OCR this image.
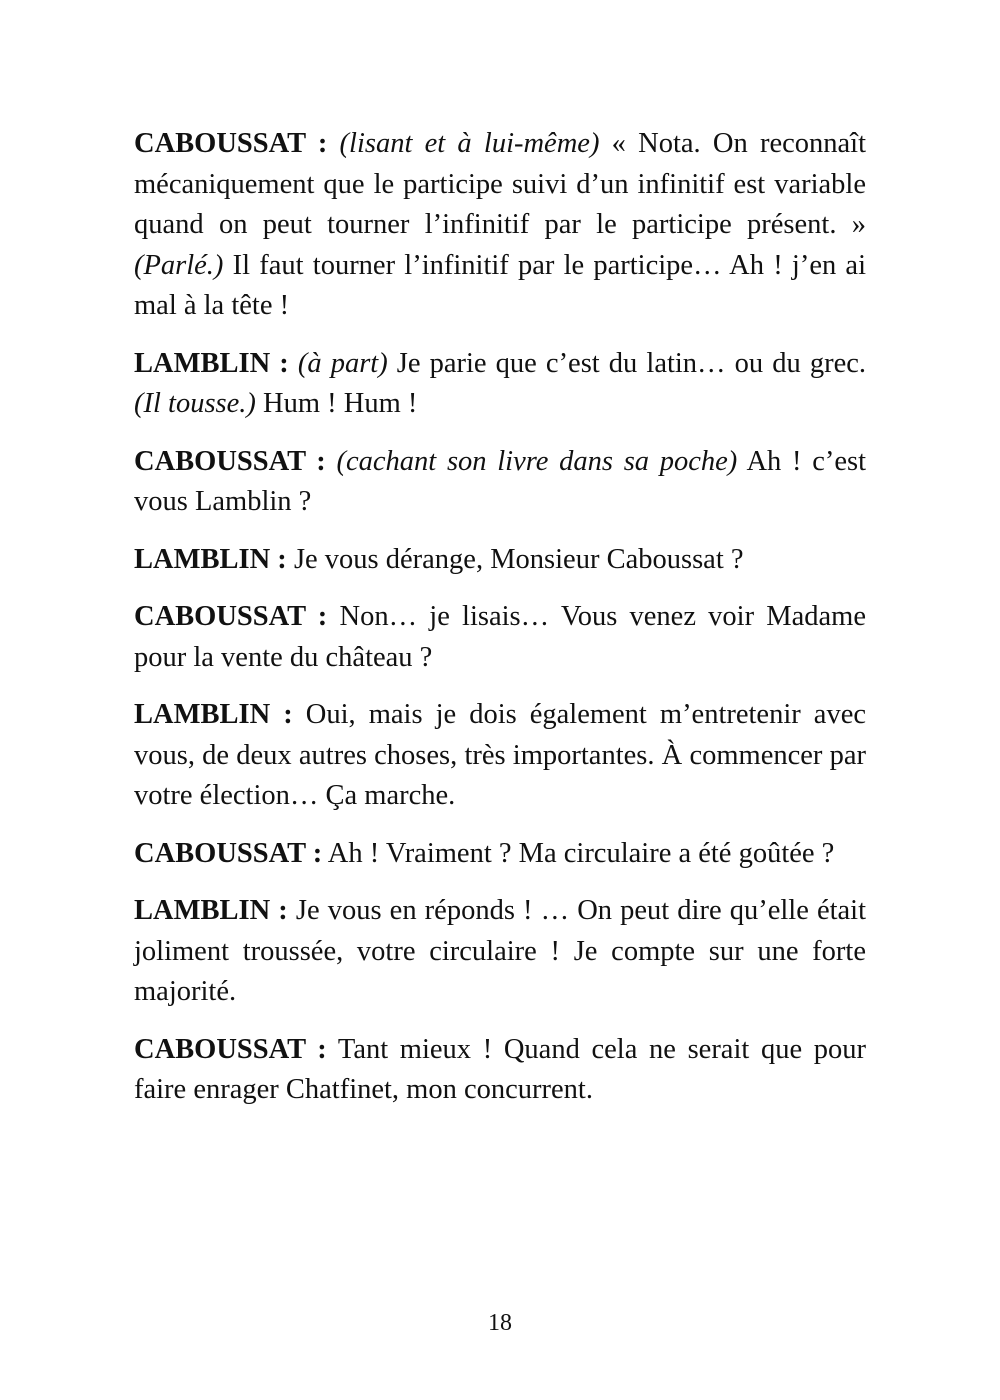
CABOUSSAT : (lisant et à lui-même) « Nota. On reconnaît mécaniquement que le participe suivi d’un infinitif est variable quand on peut tourner l’infinitif par le participe présent. » (Parlé.) Il faut tourner l’infinitif par le participe… Ah ! j’en ai mal à la tête !

LAMBLIN : (à part) Je parie que c’est du latin… ou du grec. (Il tousse.) Hum ! Hum !

CABOUSSAT : (cachant son livre dans sa poche) Ah ! c’est vous Lamblin ?

LAMBLIN : Je vous dérange, Monsieur Caboussat ?

CABOUSSAT : Non… je lisais… Vous venez voir Madame pour la vente du château ?

LAMBLIN : Oui, mais je dois également m’entretenir avec vous, de deux autres choses, très importantes. À commencer par votre élection… Ça marche.

CABOUSSAT : Ah ! Vraiment ? Ma circulaire a été goûtée ?

LAMBLIN : Je vous en réponds ! … On peut dire qu’elle était joliment troussée, votre circulaire ! Je compte sur une forte majorité.

CABOUSSAT : Tant mieux ! Quand cela ne serait que pour faire enrager Chatfinet, mon concurrent.

18
